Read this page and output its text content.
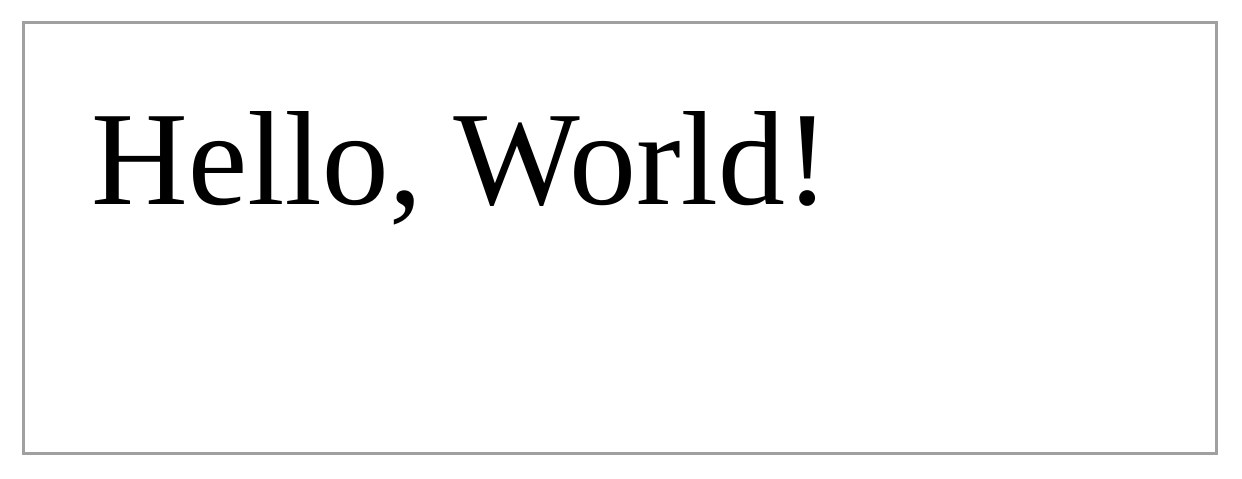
Hello, World!
